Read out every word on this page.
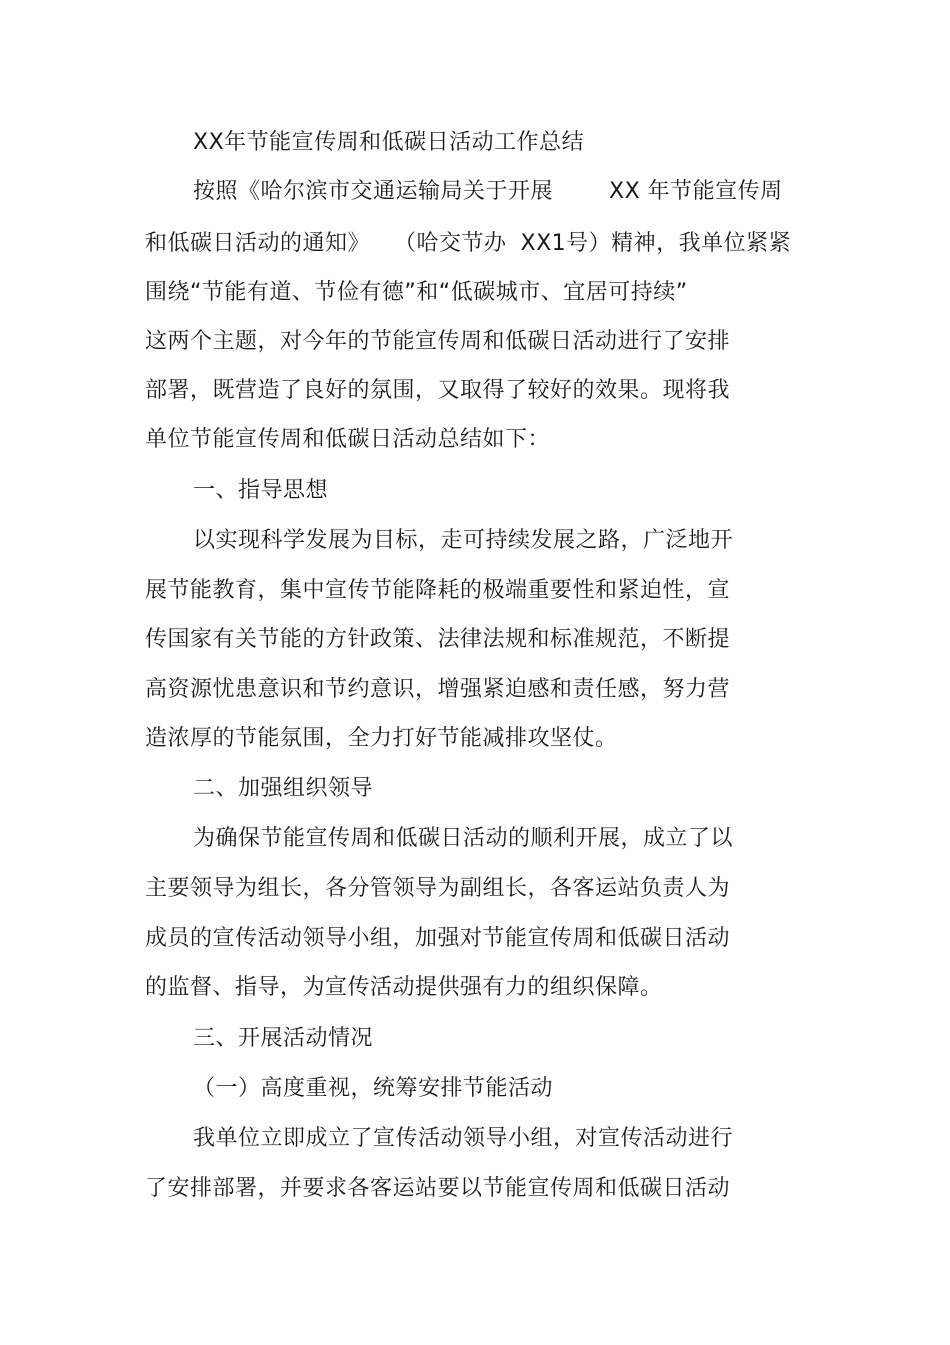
XX年节能宣传周和低碳日活动工作总结
按照《哈尔滨市交通运输局关于开展	XX 年节能宣传周
和低碳日活动的通知》 （哈交节办 XX1号）精神，我单位紧紧
围绕“节能有道、节俭有德”和“低碳城市、宜居可持续”
这两个主题，对今年的节能宣传周和低碳日活动进行了安排
部署，既营造了良好的氛围，又取得了较好的效果。现将我
单位节能宣传周和低碳日活动总结如下：
一、指导思想
以实现科学发展为目标，走可持续发展之路，广泛地开
展节能教育，集中宣传节能降耗的极端重要性和紧迫性，宣
传国家有关节能的方针政策、法律法规和标准规范，不断提
高资源忧患意识和节约意识，增强紧迫感和责任感，努力营
造浓厚的节能氛围，全力打好节能减排攻坚仗。
二、加强组织领导
为确保节能宣传周和低碳日活动的顺利开展，成立了以
主要领导为组长，各分管领导为副组长，各客运站负责人为
成员的宣传活动领导小组，加强对节能宣传周和低碳日活动
的监督、指导，为宣传活动提供强有力的组织保障。
三、开展活动情况
（一）高度重视，统筹安排节能活动
我单位立即成立了宣传活动领导小组，对宣传活动进行
了安排部署，并要求各客运站要以节能宣传周和低碳日活动
